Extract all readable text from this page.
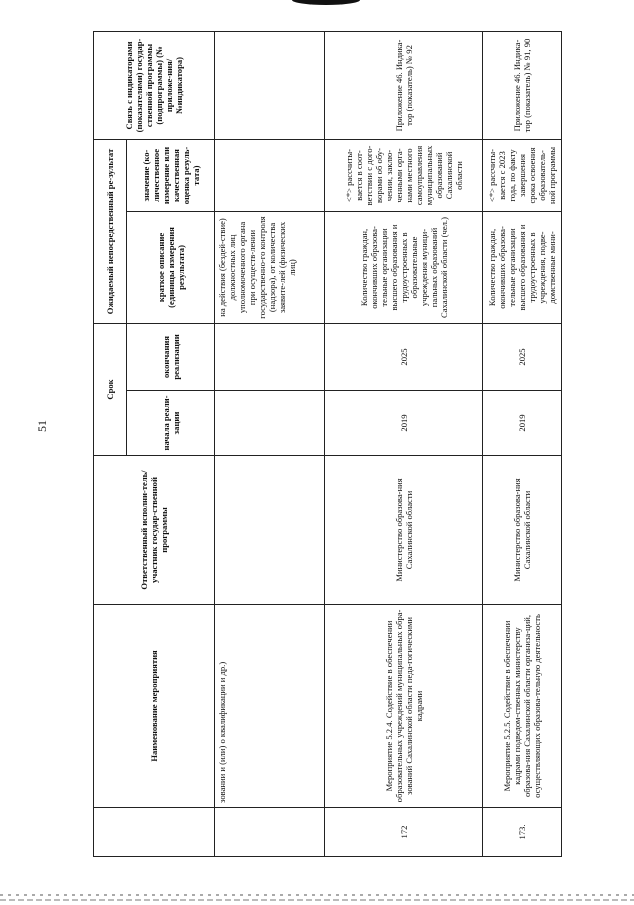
51
	Наименование мероприятия	Ответственный исполни-тель/участник государ-ственной программы	Срок		Ожидаемый непосредственный ре-зультат		Связь с индикаторами (показателями) государ-ственной программы (подпрограммы) (№ приложе-ния/№индикатора)
			начала реали-зации	окончания реализации	краткое описание (единицы измерения результата)	значение (ко-личественное измерение или качественная оценка резуль-тата)	
	зовании и (или) о квалификации и др.)				на действия (бездей-ствие) должностных лиц уполномоченного органа при осуществ-лении государственно-го контроля (надзора), от количества заявите-лей (физических лиц)		
172	Мероприятие 5.2.4. Содействие в обеспечении образовательных учреждений муниципальных обра-зований Сахалинской области педа-гогическими кадрами	Министерство образова-ния Сахалинской области	2019	2025	Количество граждан, окончивших образова-тельные организации высшего образования и трудоустроенных в образовательные учреждения муници-пальных образований Сахалинской области (чел.)	<*> рассчиты-вается в соот-ветствии с дого-ворами об обу-чении, заклю-ченными орга-нами местного самоуправления муниципальных образований Сахалинской области	Приложение 46. Индика-тор (показатель) № 92
173.	Мероприятие 5.2.5. Содействие в обеспечении кадрами подведом-ственных министерству образова-ния Сахалинской области организа-ций, осуществляющих образова-тельную деятельность	Министерство образова-ния Сахалинской области	2019	2025	Количество граждан, окончивших образова-тельные организации высшего образования и трудоустроенных в учреждения, подве-домственные мини-	<*> рассчиты-вается с 2023 года, по факту завершения срока освоения образователь-ной программы	Приложение 46. Индика-тор (показатель) № 91, 90
